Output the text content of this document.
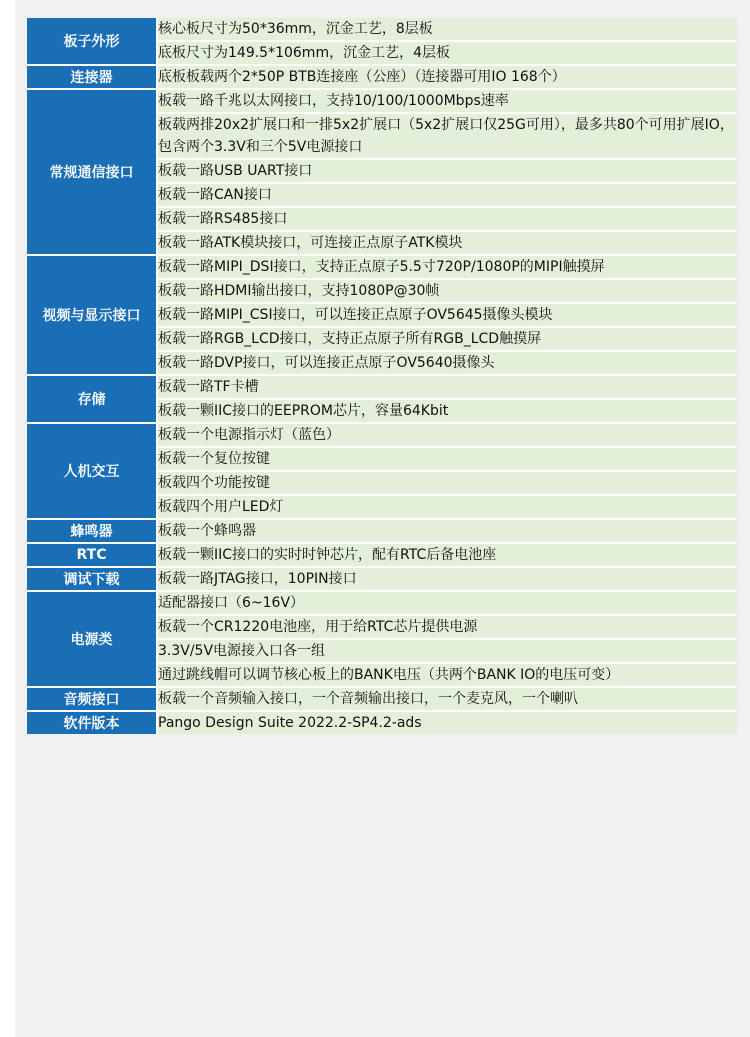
板子外形	核心板尺寸为50*36mm，沉金工艺，8层板
	底板尺寸为149.5*106mm，沉金工艺，4层板
连接器	底板板载两个2*50P BTB连接座（公座）（连接器可用IO 168个）
常规通信接口	板载一路千兆以太网接口，支持10/100/1000Mbps速率
	板载两排20x2扩展口和一排5x2扩展口（5x2扩展口仅25G可用），最多共80个可用扩展IO，包含两个3.3V和三个5V电源接口
	板载一路USB UART接口
	板载一路CAN接口
	板载一路RS485接口
	板载一路ATK模块接口，可连接正点原子ATK模块
视频与显示接口	板载一路MIPI_DSI接口，支持正点原子5.5寸720P/1080P的MIPI触摸屏
	板载一路HDMI输出接口，支持1080P@30帧
	板载一路MIPI_CSI接口，可以连接正点原子OV5645摄像头模块
	板载一路RGB_LCD接口，支持正点原子所有RGB_LCD触摸屏
	板载一路DVP接口，可以连接正点原子OV5640摄像头
存储	板载一路TF卡槽
	板载一颗IIC接口的EEPROM芯片，容量64Kbit
人机交互	板载一个电源指示灯（蓝色）
	板载一个复位按键
	板载四个功能按键
	板载四个用户LED灯
蜂鸣器	板载一个蜂鸣器
RTC	板载一颗IIC接口的实时时钟芯片，配有RTC后备电池座
调试下载	板载一路JTAG接口，10PIN接口
电源类	适配器接口（6~16V）
	板载一个CR1220电池座，用于给RTC芯片提供电源
	3.3V/5V电源接入口各一组
	通过跳线帽可以调节核心板上的BANK电压（共两个BANK IO的电压可变）
音频接口	板载一个音频输入接口，一个音频输出接口，一个麦克风，一个喇叭
软件版本	Pango Design Suite 2022.2-SP4.2-ads
